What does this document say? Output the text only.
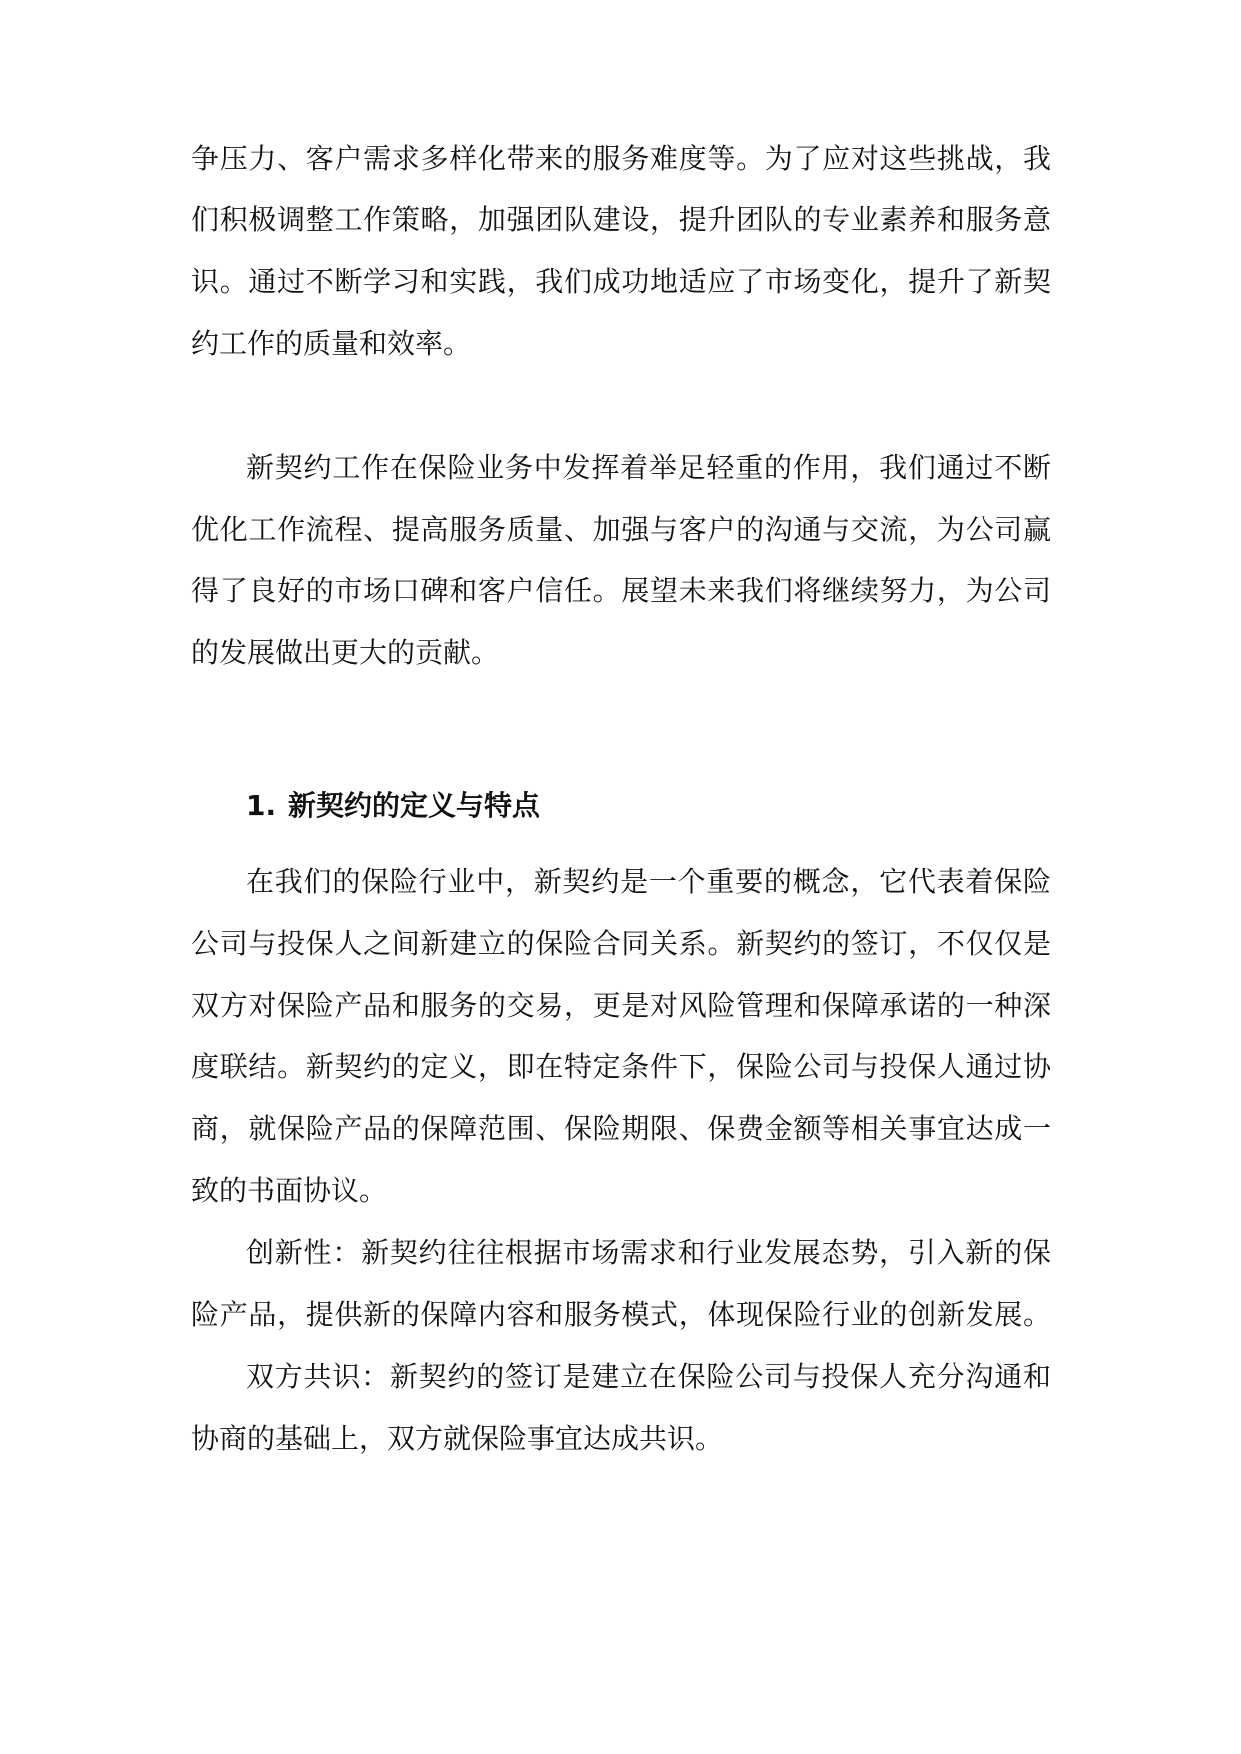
争压力、客户需求多样化带来的服务难度等。为了应对这些挑战，我

们积极调整工作策略，加强团队建设，提升团队的专业素养和服务意

识。通过不断学习和实践，我们成功地适应了市场变化，提升了新契

约工作的质量和效率。

新契约工作在保险业务中发挥着举足轻重的作用，我们通过不断

优化工作流程、提高服务质量、加强与客户的沟通与交流，为公司赢

得了良好的市场口碑和客户信任。展望未来我们将继续努力，为公司

的发展做出更大的贡献。

1. 新契约的定义与特点

在我们的保险行业中，新契约是一个重要的概念，它代表着保险

公司与投保人之间新建立的保险合同关系。新契约的签订，不仅仅是

双方对保险产品和服务的交易，更是对风险管理和保障承诺的一种深

度联结。新契约的定义，即在特定条件下，保险公司与投保人通过协

商，就保险产品的保障范围、保险期限、保费金额等相关事宜达成一

致的书面协议。

创新性：新契约往往根据市场需求和行业发展态势，引入新的保

险产品，提供新的保障内容和服务模式，体现保险行业的创新发展。

双方共识：新契约的签订是建立在保险公司与投保人充分沟通和

协商的基础上，双方就保险事宜达成共识。
